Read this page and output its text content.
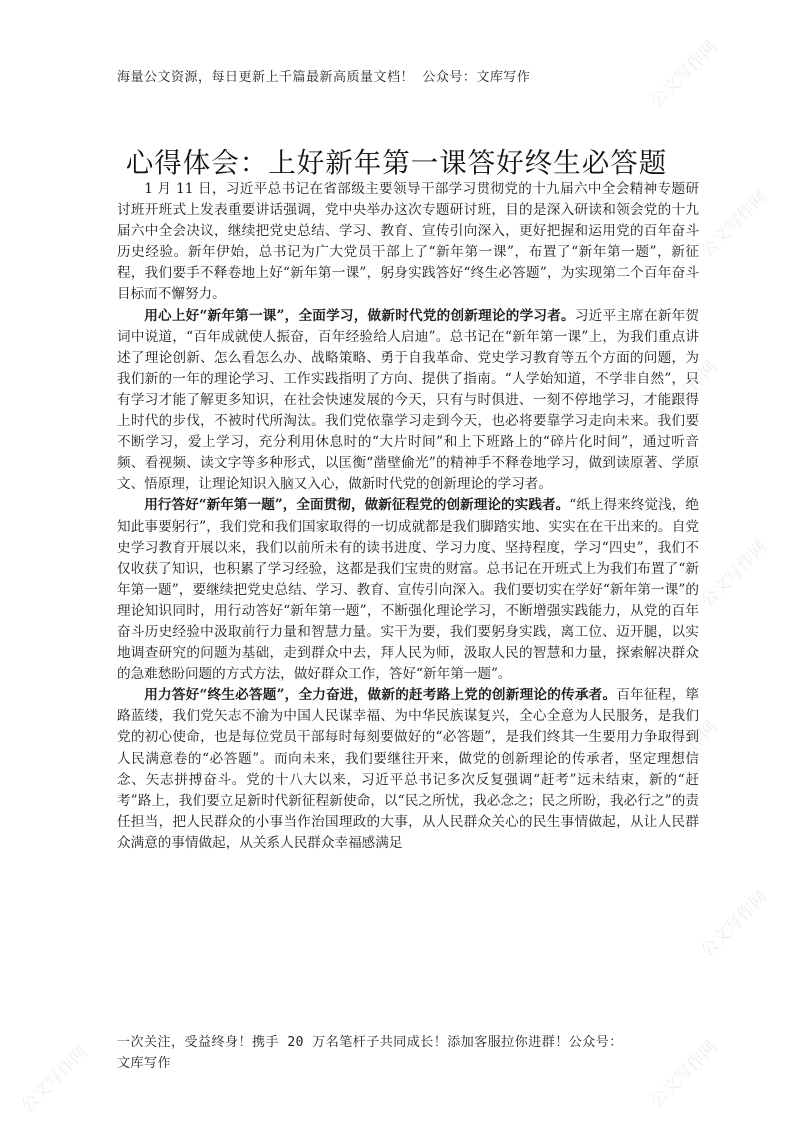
公文写作网
公文写作网
公文写作网
公文写作网
公文写作网
公文写作网
公文写作网
公文写作网
海量公文资源，每日更新上千篇最新高质量文档！ 公众号：文库写作
心得体会：上好新年第一课答好终生必答题

1 月 11 日，习近平总书记在省部级主要领导干部学习贯彻党的十九届六中全会精神专题研讨班开班式上发表重要讲话强调，党中央举办这次专题研讨班，目的是深入研读和领会党的十九届六中全会决议，继续把党史总结、学习、教育、宣传引向深入，更好把握和运用党的百年奋斗历史经验。新年伊始，总书记为广大党员干部上了“新年第一课”，布置了“新年第一题”，新征程，我们要手不释卷地上好“新年第一课”，躬身实践答好“终生必答题”，为实现第二个百年奋斗目标而不懈努力。

用心上好“新年第一课”，全面学习，做新时代党的创新理论的学习者。习近平主席在新年贺词中说道，“百年成就使人振奋，百年经验给人启迪”。总书记在“新年第一课”上，为我们重点讲述了理论创新、怎么看怎么办、战略策略、勇于自我革命、党史学习教育等五个方面的问题，为我们新的一年的理论学习、工作实践指明了方向、提供了指南。“人学始知道，不学非自然”，只有学习才能了解更多知识，在社会快速发展的今天，只有与时俱进、一刻不停地学习，才能跟得上时代的步伐，不被时代所淘汰。我们党依靠学习走到今天，也必将要靠学习走向未来。我们要不断学习，爱上学习，充分利用休息时的“大片时间”和上下班路上的“碎片化时间”，通过听音频、看视频、读文字等多种形式，以匡衡“凿壁偷光”的精神手不释卷地学习，做到读原著、学原文、悟原理，让理论知识入脑又入心，做新时代党的创新理论的学习者。

用行答好“新年第一题”，全面贯彻，做新征程党的创新理论的实践者。“纸上得来终觉浅，绝知此事要躬行”，我们党和我们国家取得的一切成就都是我们脚踏实地、实实在在干出来的。自党史学习教育开展以来，我们以前所未有的读书进度、学习力度、坚持程度，学习“四史”，我们不仅收获了知识，也积累了学习经验，这都是我们宝贵的财富。总书记在开班式上为我们布置了“新年第一题”，要继续把党史总结、学习、教育、宣传引向深入。我们要切实在学好“新年第一课”的理论知识同时，用行动答好“新年第一题”，不断强化理论学习，不断增强实践能力，从党的百年奋斗历史经验中汲取前行力量和智慧力量。实干为要，我们要躬身实践，离工位、迈开腿，以实地调查研究的问题为基础，走到群众中去，拜人民为师，汲取人民的智慧和力量，探索解决群众的急难愁盼问题的方式方法，做好群众工作，答好“新年第一题”。

用力答好“终生必答题”，全力奋进，做新的赶考路上党的创新理论的传承者。百年征程，筚路蓝缕，我们党矢志不渝为中国人民谋幸福、为中华民族谋复兴，全心全意为人民服务，是我们党的初心使命，也是每位党员干部每时每刻要做好的“必答题”，是我们终其一生要用力争取得到人民满意卷的“必答题”。而向未来，我们要继往开来，做党的创新理论的传承者，坚定理想信念、矢志拼搏奋斗。党的十八大以来，习近平总书记多次反复强调“赶考”远未结束，新的“赶考”路上，我们要立足新时代新征程新使命，以“民之所忧，我必念之；民之所盼，我必行之”的责任担当，把人民群众的小事当作治国理政的大事，从人民群众关心的民生事情做起，从让人民群众满意的事情做起，从关系人民群众幸福感满足

一次关注，受益终身！携手 20 万名笔杆子共同成长！添加客服拉你进群！公众号：
文库写作
